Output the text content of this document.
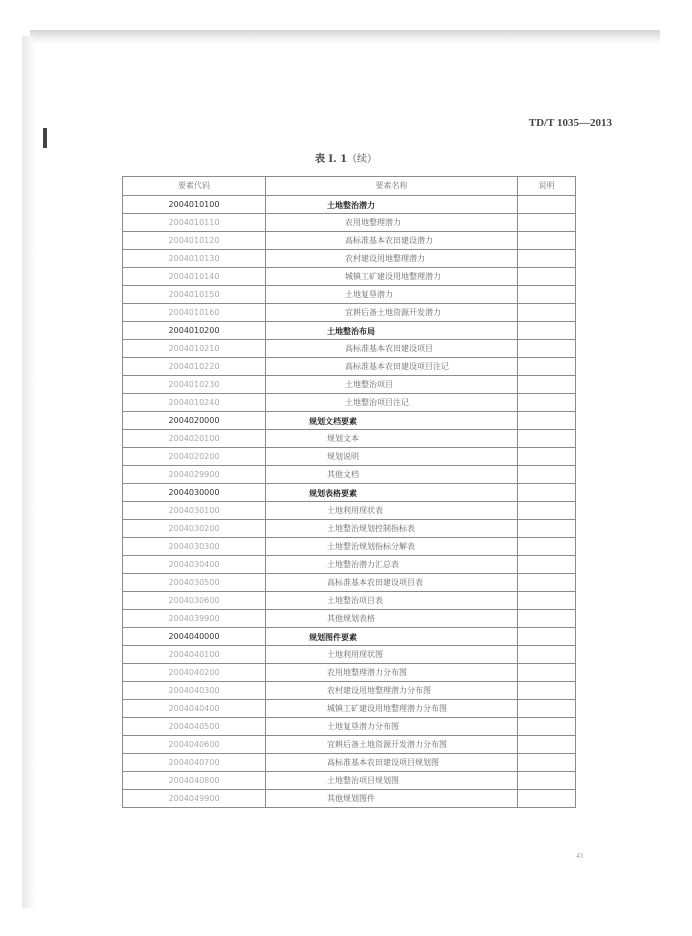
TD/T 1035—2013
表 I. 1（续）
要素代码	要素名称	说明
2004010100	土地整治潜力	
2004010110	农用地整理潜力	
2004010120	高标准基本农田建设潜力	
2004010130	农村建设用地整理潜力	
2004010140	城镇工矿建设用地整理潜力	
2004010150	土地复垦潜力	
2004010160	宜耕后备土地资源开发潜力	
2004010200	土地整治布局	
2004010210	高标准基本农田建设项目	
2004010220	高标准基本农田建设项目注记	
2004010230	土地整治项目	
2004010240	土地整治项目注记	
2004020000	规划文档要素	
2004020100	规划文本	
2004020200	规划说明	
2004029900	其他文档	
2004030000	规划表格要素	
2004030100	土地利用现状表	
2004030200	土地整治规划控制指标表	
2004030300	土地整治规划指标分解表	
2004030400	土地整治潜力汇总表	
2004030500	高标准基本农田建设项目表	
2004030600	土地整治项目表	
2004039900	其他规划表格	
2004040000	规划图件要素	
2004040100	土地利用现状图	
2004040200	农用地整理潜力分布图	
2004040300	农村建设用地整理潜力分布图	
2004040400	城镇工矿建设用地整理潜力分布图	
2004040500	土地复垦潜力分布图	
2004040600	宜耕后备土地资源开发潜力分布图	
2004040700	高标准基本农田建设项目规划图	
2004040800	土地整治项目规划图	
2004049900	其他规划图件	
43
